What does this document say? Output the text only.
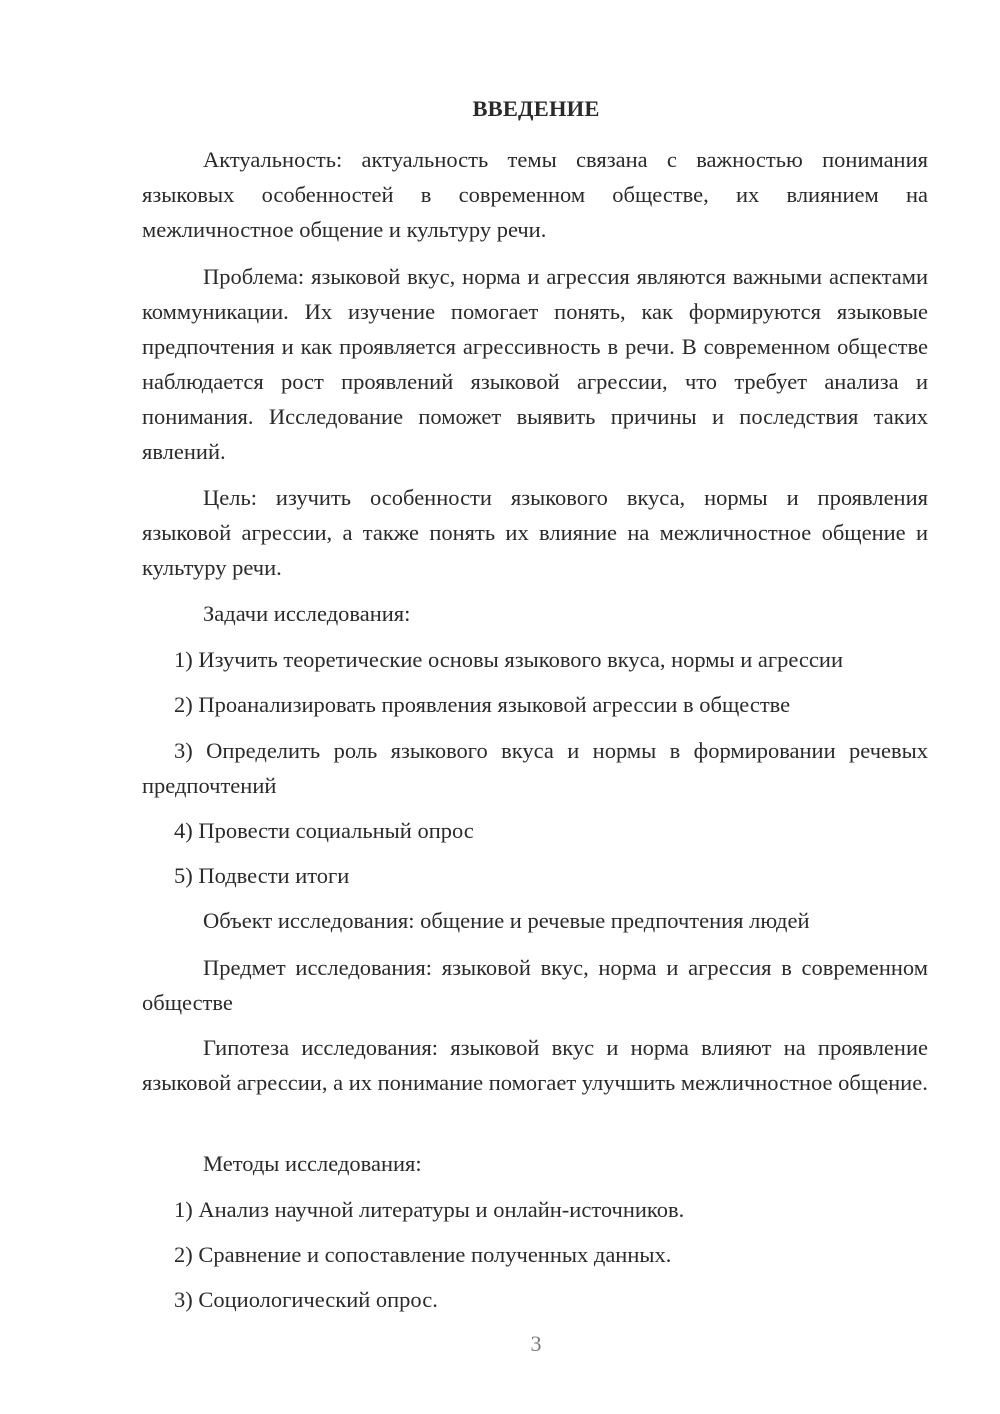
ВВЕДЕНИЕ
Актуальность: актуальность темы связана с важностью понимания языковых особенностей в современном обществе, их влиянием на межличностное общение и культуру речи.
Проблема: языковой вкус, норма и агрессия являются важными аспектами коммуникации. Их изучение помогает понять, как формируются языковые предпочтения и как проявляется агрессивность в речи. В современном обществе наблюдается рост проявлений языковой агрессии, что требует анализа и понимания. Исследование поможет выявить причины и последствия таких явлений.
Цель: изучить особенности языкового вкуса, нормы и проявления языковой агрессии, а также понять их влияние на межличностное общение и культуру речи.
Задачи исследования:
1) Изучить теоретические основы языкового вкуса, нормы и агрессии
2) Проанализировать проявления языковой агрессии в обществе
3) Определить роль языкового вкуса и нормы в формировании речевых предпочтений
4) Провести социальный опрос
5) Подвести итоги
Объект исследования: общение и речевые предпочтения людей
Предмет исследования: языковой вкус, норма и агрессия в современном обществе
Гипотеза исследования: языковой вкус и норма влияют на проявление языковой агрессии, а их понимание помогает улучшить межличностное общение.
Методы исследования:
1) Анализ научной литературы и онлайн-источников.
2) Сравнение и сопоставление полученных данных.
3) Социологический опрос.
3
